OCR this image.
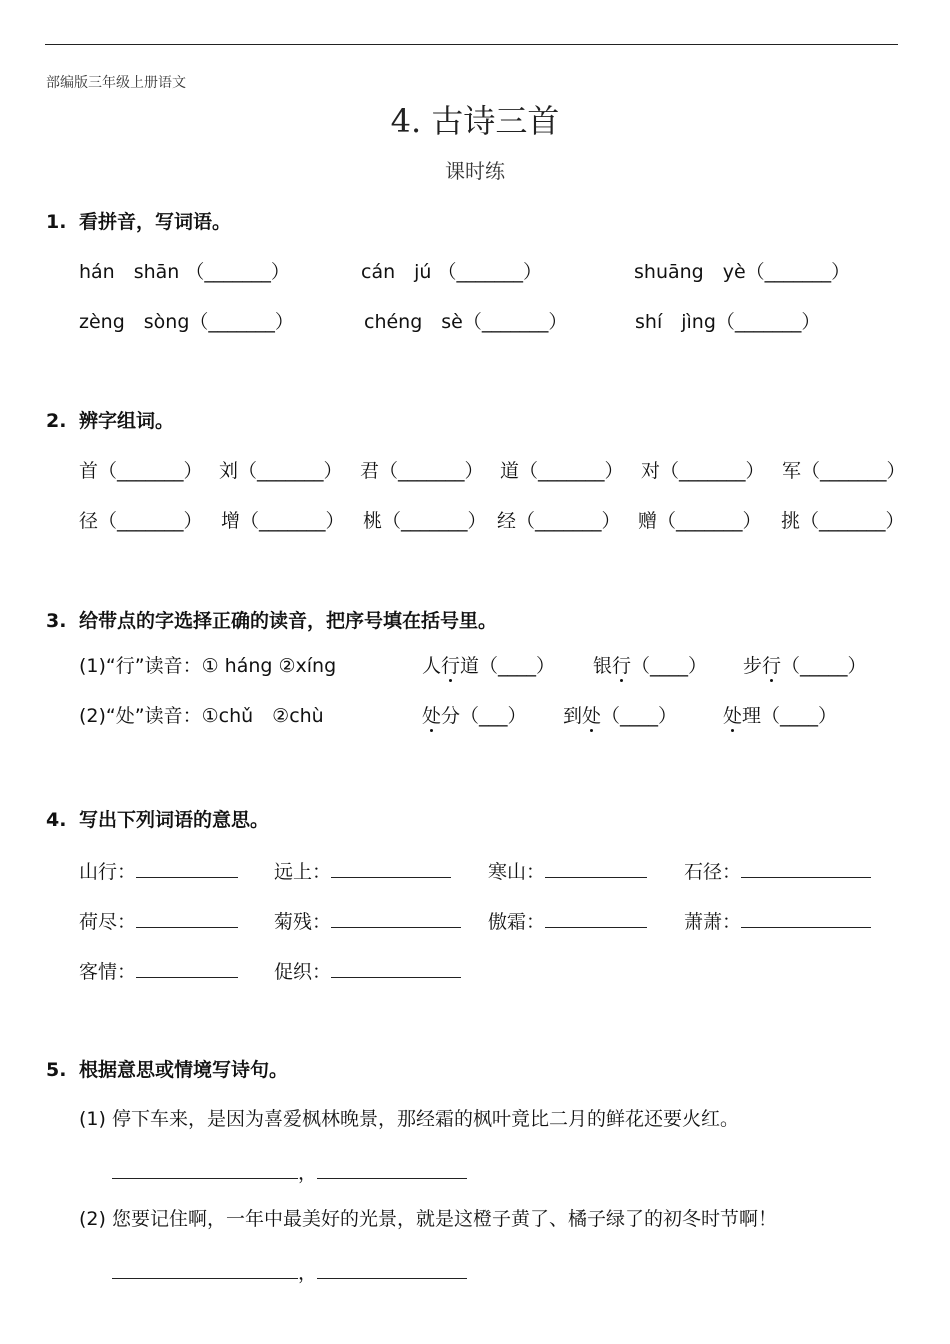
部编版三年级上册语文
4. 古诗三首
课时练
1. 看拼音，写词语。
hán　shān （_______）	cán　jú （_______）	shuāng　yè（_______）
zèng　sòng（_______）	chéng　sè（_______）	shí　jìng（_______）
2. 辨字组词。
首（_______） 刘（_______） 君（_______） 道（_______） 对（_______） 军（_______）
径（_______） 增（_______） 桃（_______） 经（_______） 赠（_______） 挑（_______）
3. 给带点的字选择正确的读音，把序号填在括号里。
(1)“行”读音：① háng ②xíng	人行道（____） 银行（____） 步行（_____）
(2)“处”读音：①chǔ　②chù	处分（___） 到处（____） 处理（____）
4. 写出下列词语的意思。
山行：	远上：	寒山：	石径：
荷尽：	菊残：	傲霜：	萧萧：
客情：	促织：
5. 根据意思或情境写诗句。
(1) 停下车来，是因为喜爱枫林晚景，那经霜的枫叶竟比二月的鲜花还要火红。
，
(2) 您要记住啊，一年中最美好的光景，就是这橙子黄了、橘子绿了的初冬时节啊！
，
